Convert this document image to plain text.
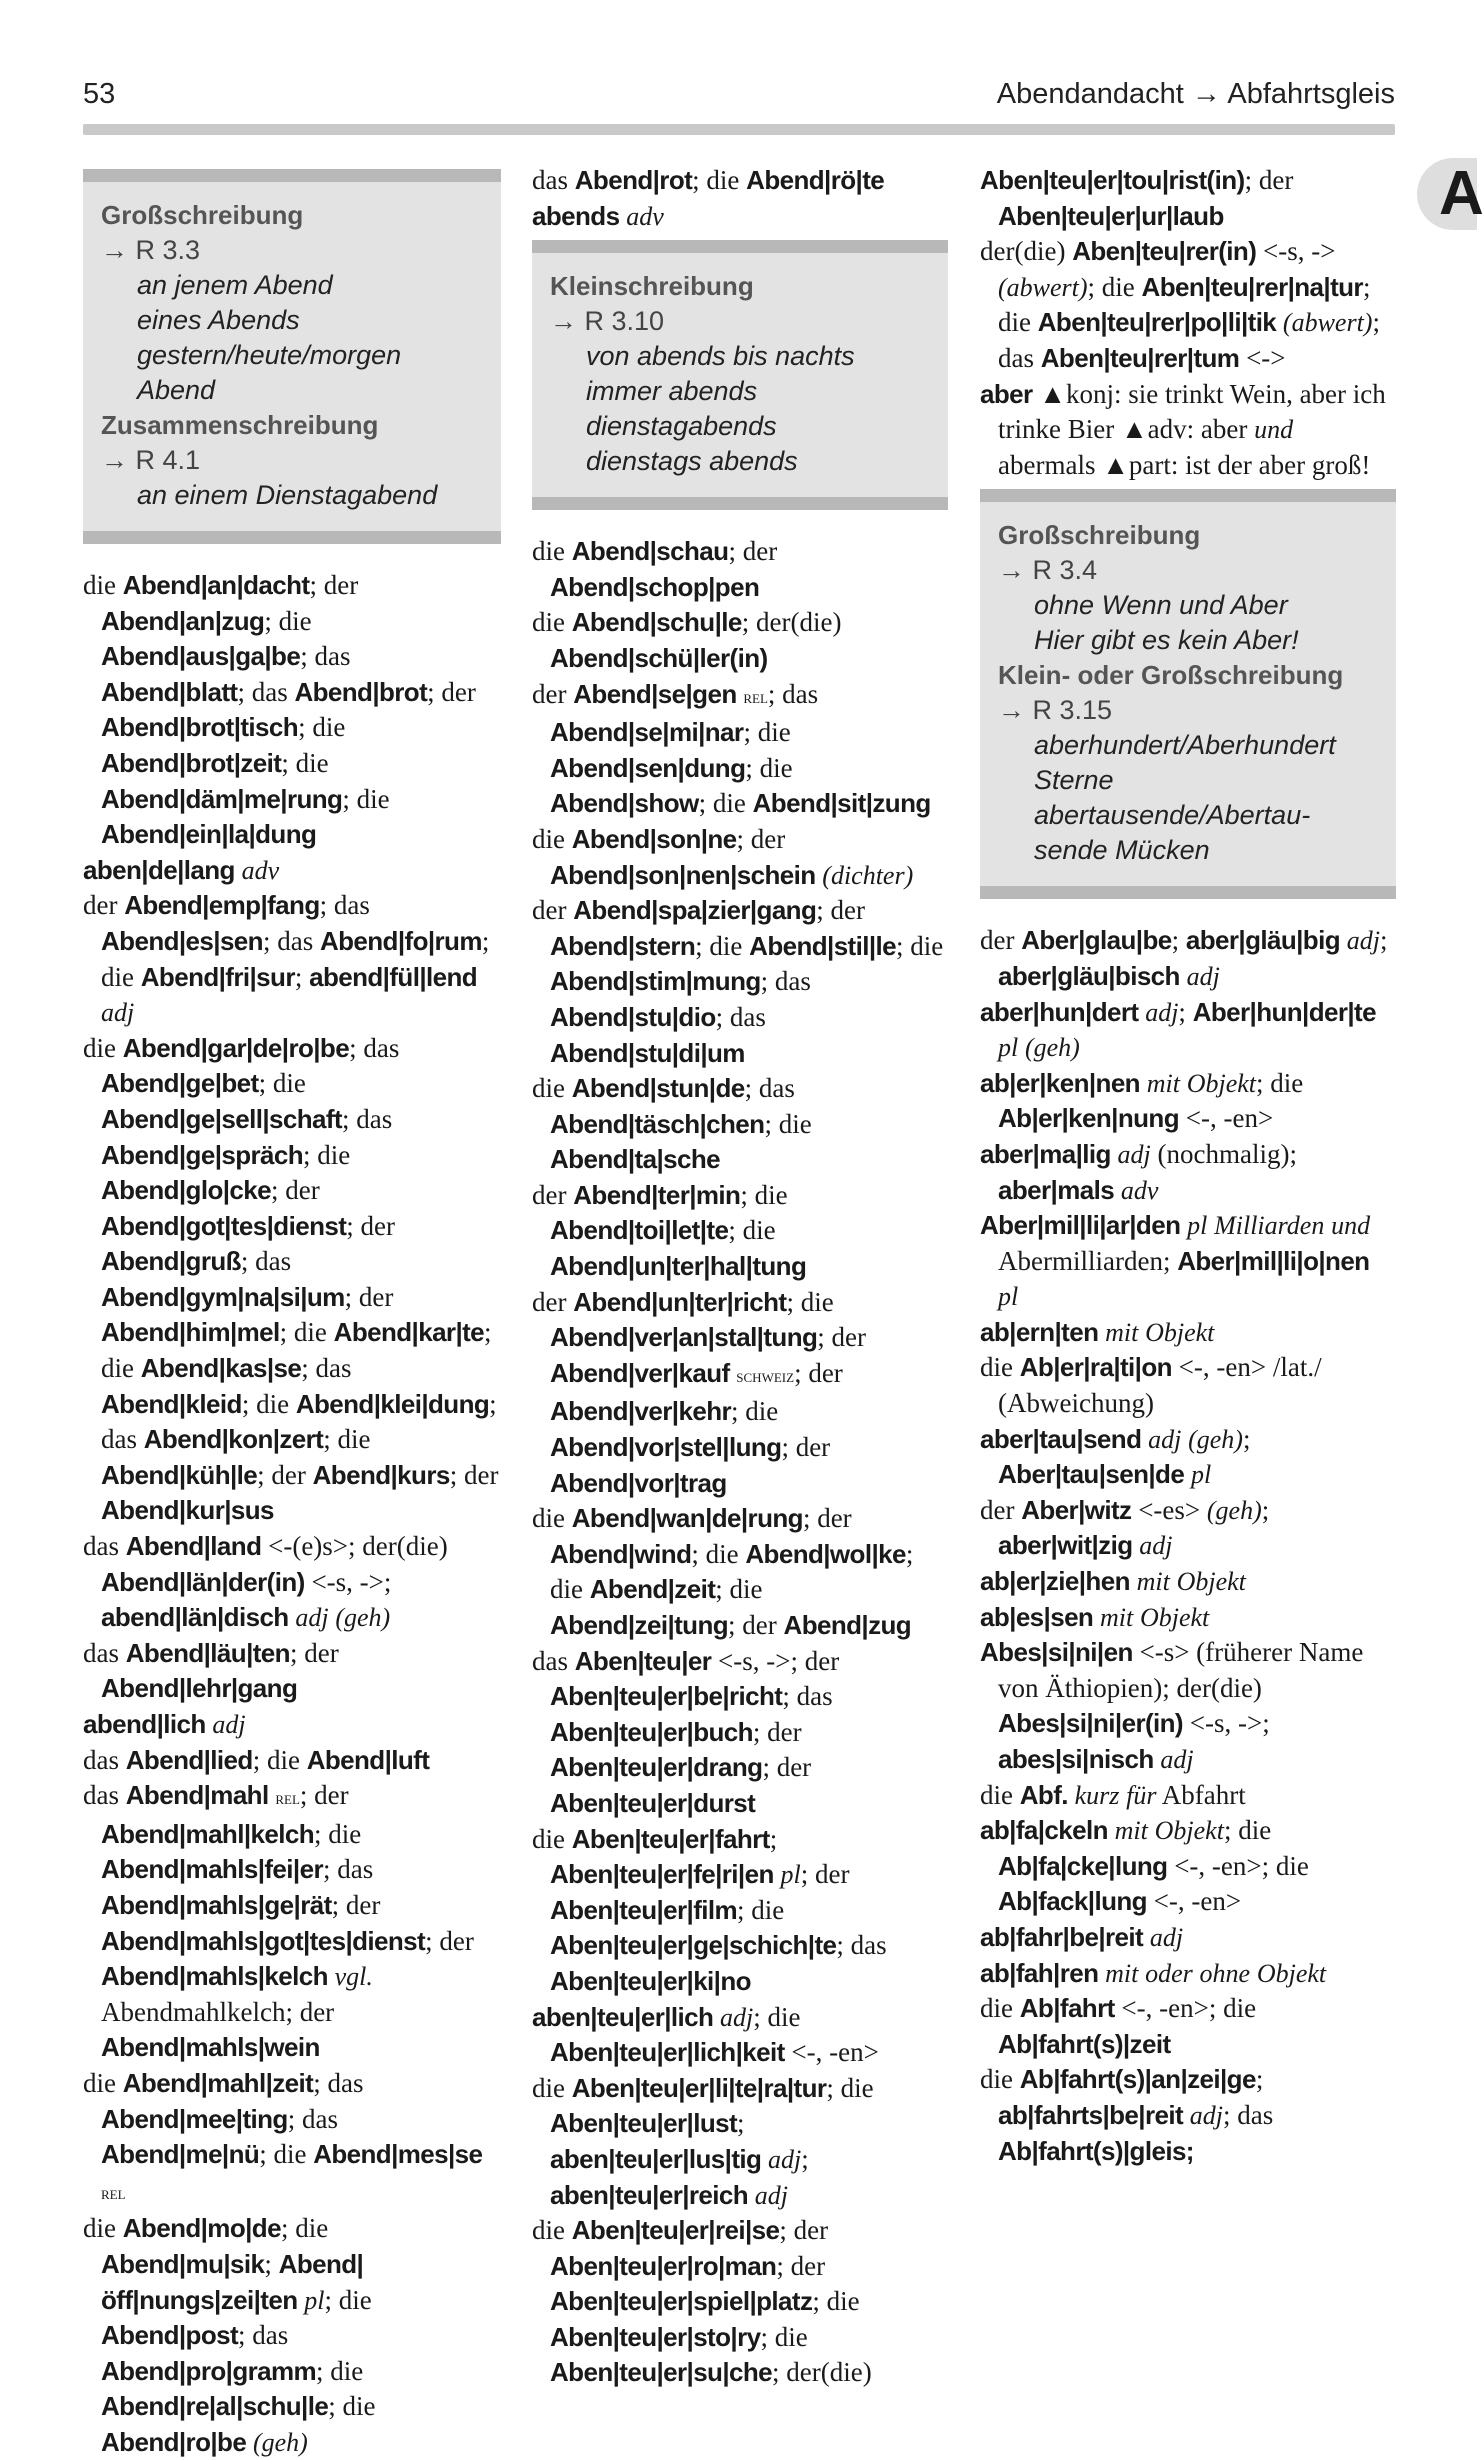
53	Abendandacht → Abfahrtsgleis
A
Großschreibung
→ R 3.3
an jenem Abend
eines Abends
gestern/heute/morgen
Abend
Zusammenschreibung
→ R 4.1
an einem Dienstagabend
die Abend|an|dacht; der Abend|an|zug; die Abend|aus|ga|be; das Abend|blatt; das Abend|brot; der Abend|brot|tisch; die Abend|brot|zeit; die Abend|däm|me|rung; die Abend|ein|la|dung
aben|de|lang adv
der Abend|emp|fang; das Abend|es|sen; das Abend|fo|rum; die Abend|fri|sur; abend|fül|lend adj
die Abend|gar|de|ro|be; das Abend|ge|bet; die Abend|ge|sell|schaft; das Abend|ge|spräch; die Abend|glo|cke; der Abend|got|tes|dienst; der Abend|gruß; das Abend|gym|na|si|um; der Abend|him|mel; die Abend|kar|te; die Abend|kas|se; das Abend|kleid; die Abend|klei|dung; das Abend|kon|zert; die Abend|küh|le; der Abend|kurs; der Abend|kur|sus
das Abend|land <-(e)s>; der(die) Abend|län|der(in) <-s, ->; abend|län|disch adj (geh)
das Abend|läu|ten; der Abend|lehr|gang
abend|lich adj
das Abend|lied; die Abend|luft
das Abend|mahl rel; der Abend|mahl|kelch; die Abend|mahls|fei|er; das Abend|mahls|ge|rät; der Abend|mahls|got|tes|dienst; der Abend|mahls|kelch vgl. Abendmahlkelch; der Abend|mahls|wein
die Abend|mahl|zeit; das Abend|mee|ting; das Abend|me|nü; die Abend|mes|se rel
die Abend|mo|de; die Abend|mu|sik; Abend|öff|nungs|zei|ten pl; die Abend|post; das Abend|pro|gramm; die Abend|re|al|schu|le; die Abend|ro|be (geh)
das Abend|rot; die Abend|rö|te
abends adv
Kleinschreibung
→ R 3.10
von abends bis nachts
immer abends
dienstagabends
dienstags abends
die Abend|schau; der Abend|schop|pen
die Abend|schu|le; der(die) Abend|schü|ler(in)
der Abend|se|gen rel; das Abend|se|mi|nar; die Abend|sen|dung; die Abend|show; die Abend|sit|zung
die Abend|son|ne; der Abend|son|nen|schein (dichter)
der Abend|spa|zier|gang; der Abend|stern; die Abend|stil|le; die Abend|stim|mung; das Abend|stu|dio; das Abend|stu|di|um
die Abend|stun|de; das Abend|täsch|chen; die Abend|ta|sche
der Abend|ter|min; die Abend|toi|let|te; die Abend|un|ter|hal|tung
der Abend|un|ter|richt; die Abend|ver|an|stal|tung; der Abend|ver|kauf schweiz; der Abend|ver|kehr; die Abend|vor|stel|lung; der Abend|vor|trag
die Abend|wan|de|rung; der Abend|wind; die Abend|wol|ke; die Abend|zeit; die Abend|zei|tung; der Abend|zug
das Aben|teu|er <-s, ->; der Aben|teu|er|be|richt; das Aben|teu|er|buch; der Aben|teu|er|drang; der Aben|teu|er|durst
die Aben|teu|er|fahrt; Aben|teu|er|fe|ri|en pl; der Aben|teu|er|film; die Aben|teu|er|ge|schich|te; das Aben|teu|er|ki|no
aben|teu|er|lich adj; die Aben|teu|er|lich|keit <-, -en>
die Aben|teu|er|li|te|ra|tur; die Aben|teu|er|lust; aben|teu|er|lus|tig adj; aben|teu|er|reich adj
die Aben|teu|er|rei|se; der Aben|teu|er|ro|man; der Aben|teu|er|spiel|platz; die Aben|teu|er|sto|ry; die Aben|teu|er|su|che; der(die)
Aben|teu|er|tou|rist(in); der Aben|teu|er|ur|laub
der(die) Aben|teu|rer(in) <-s, -> (abwert); die Aben|teu|rer|na|tur; die Aben|teu|rer|po|li|tik (abwert); das Aben|teu|rer|tum <->
aber ▲konj: sie trinkt Wein, aber ich trinke Bier ▲adv: aber und abermals ▲part: ist der aber groß!
Großschreibung
→ R 3.4
ohne Wenn und Aber
Hier gibt es kein Aber!
Klein- oder Großschreibung
→ R 3.15
aberhundert/Aberhundert
Sterne
abertausende/Abertau-
sende Mücken
der Aber|glau|be; aber|gläu|big adj; aber|gläu|bisch adj
aber|hun|dert adj; Aber|hun|der|te pl (geh)
ab|er|ken|nen mit Objekt; die Ab|er|ken|nung <-, -en>
aber|ma|lig adj (nochmalig); aber|mals adv
Aber|mil|li|ar|den pl Milliarden und Abermilliarden; Aber|mil|li|o|nen pl
ab|ern|ten mit Objekt
die Ab|er|ra|ti|on <-, -en> /lat./ (Abweichung)
aber|tau|send adj (geh); Aber|tau|sen|de pl
der Aber|witz <-es> (geh); aber|wit|zig adj
ab|er|zie|hen mit Objekt
ab|es|sen mit Objekt
Abes|si|ni|en <-s> (früherer Name von Äthiopien); der(die) Abes|si|ni|er(in) <-s, ->; abes|si|nisch adj
die Abf. kurz für Abfahrt
ab|fa|ckeln mit Objekt; die Ab|fa|cke|lung <-, -en>; die Ab|fack|lung <-, -en>
ab|fahr|be|reit adj
ab|fah|ren mit oder ohne Objekt
die Ab|fahrt <-, -en>; die Ab|fahrt(s)|zeit
die Ab|fahrt(s)|an|zei|ge; ab|fahrts|be|reit adj; das Ab|fahrt(s)|gleis;
